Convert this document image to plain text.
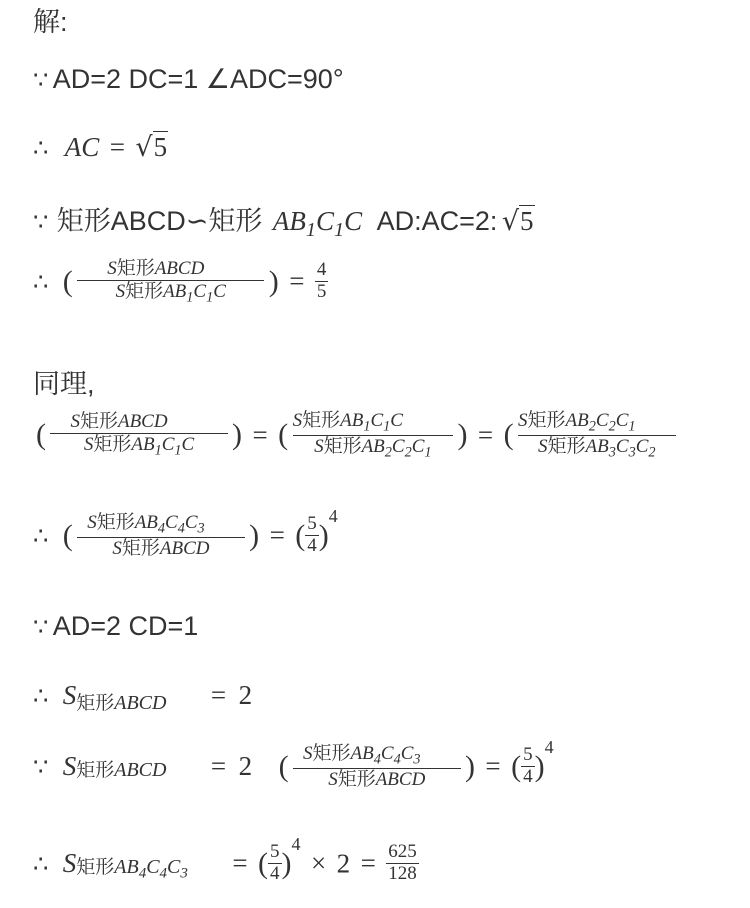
解:
∵ AD=2 DC=1 ∠ADC=90°
∴ AC = √5
∵ 矩形ABCD∽矩形 $AB_1C_1C$ AD:AC=2: √5
∴ ( $\frac{\text{S矩形ABCD}}{S矩形AB_1C_1C}$ ) = $\frac{4}{5}$
同理,
( $\frac{\text{S矩形ABCD}}{S矩形AB_1C_1C}$ ) = ( $\frac{S矩形AB_1C_1C}{S矩形AB_2C_2C_1}$ ) = ( $\frac{S矩形AB_2C_2C_1}{S矩形AB_3C_3C_2}$
∴ ( $\frac{S矩形AB_4C_4C_3}{\text{S矩形ABCD}}$ ) = ( $\frac{5}{4} )4$
∵ AD=2 CD=1
∴ S矩形ABCD = 2
∵ S矩形ABCD = 2 ( $\frac{S矩形AB_4C_4C_3}{\text{S矩形ABCD}}$ ) = ( $\frac{5}{4} )4$
∴ S矩形$AB_4C_4C_3$ = ( $\frac{5}{4} )4 \times 2 = \frac{625}{128}$
